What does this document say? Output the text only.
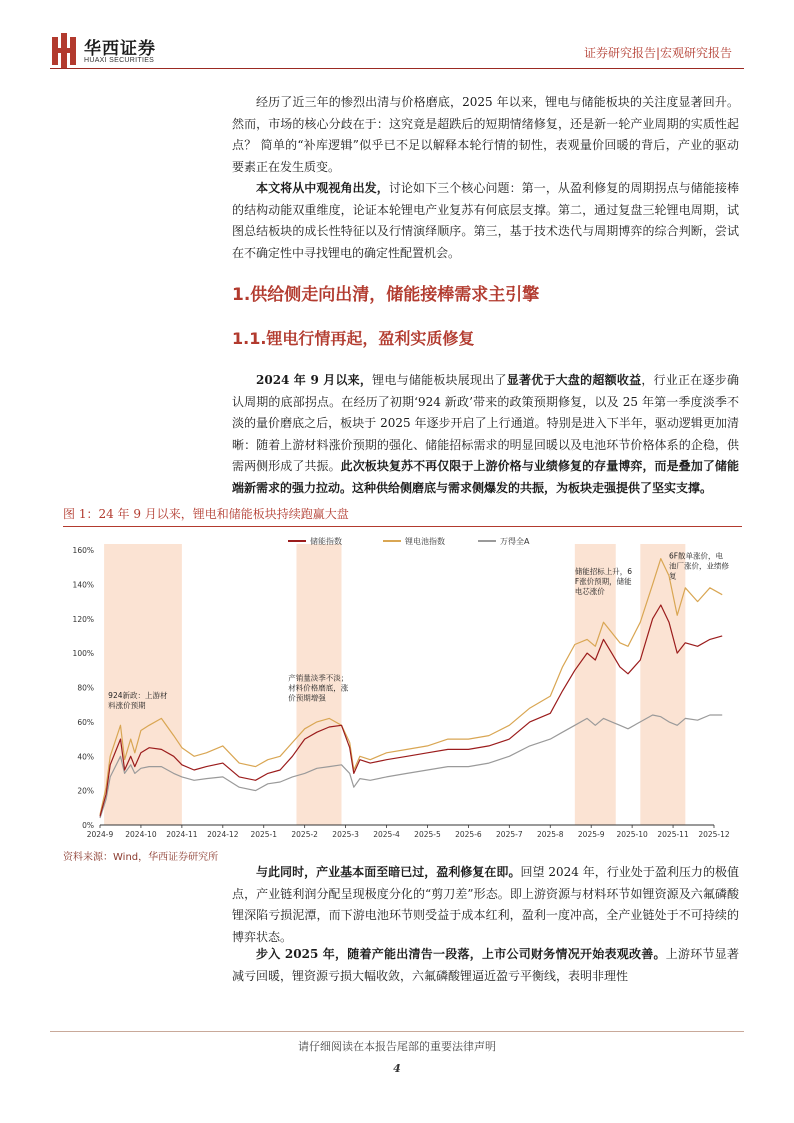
华西证券
HUAXI SECURITIES
证券研究报告|宏观研究报告
经历了近三年的惨烈出清与价格磨底，2025 年以来，锂电与储能板块的关注度显著回升。然而，市场的核心分歧在于：这究竟是超跌后的短期情绪修复，还是新一轮产业周期的实质性起点？ 简单的“补库逻辑”似乎已不足以解释本轮行情的韧性，表观量价回暖的背后，产业的驱动要素正在发生质变。
本文将从中观视角出发，讨论如下三个核心问题：第一，从盈利修复的周期拐点与储能接棒的结构动能双重维度，论证本轮锂电产业复苏有何底层支撑。第二，通过复盘三轮锂电周期，试图总结板块的成长性特征以及行情演绎顺序。第三，基于技术迭代与周期博弈的综合判断，尝试在不确定性中寻找锂电的确定性配置机会。
1.供给侧走向出清，储能接棒需求主引擎
1.1.锂电行情再起，盈利实质修复
2024 年 9 月以来，锂电与储能板块展现出了显著优于大盘的超额收益，行业正在逐步确认周期的底部拐点。在经历了初期‘924 新政’带来的政策预期修复，以及 25 年第一季度淡季不淡的量价磨底之后，板块于 2025 年逐步开启了上行通道。特别是进入下半年，驱动逻辑更加清晰：随着上游材料涨价预期的强化、储能招标需求的明显回暖以及电池环节价格体系的企稳，供需两侧形成了共振。此次板块复苏不再仅限于上游价格与业绩修复的存量博弈，而是叠加了储能端新需求的强力拉动。这种供给侧磨底与需求侧爆发的共振，为板块走强提供了坚实支撑。
图 1：24 年 9 月以来，锂电和储能板块持续跑赢大盘
0%
20%
40%
60%
80%
100%
120%
140%
160%
2024-9 2024-10 2024-11 2024-12 2025-1 2025-2 2025-3 2025-4 2025-5 2025-6 2025-7 2025-8 2025-9 2025-10 2025-11 2025-12
储能指数	锂电池指数	万得全A
924新政：上游材料涨价预期
产销量淡季不淡；材料价格磨底，涨价预期增强
储能招标上升，6 F涨价预期，储能电芯涨价
6F散单涨价，电池厂涨价，业绩修复
资料来源：Wind，华西证券研究所
与此同时，产业基本面至暗已过，盈利修复在即。回望 2024 年，行业处于盈利压力的极值点，产业链利润分配呈现极度分化的“剪刀差”形态。即上游资源与材料环节如锂资源及六氟磷酸锂深陷亏损泥潭，而下游电池环节则受益于成本红利，盈利一度冲高，全产业链处于不可持续的博弈状态。
步入 2025 年，随着产能出清告一段落，上市公司财务情况开始表观改善。上游环节显著减亏回暖，锂资源亏损大幅收敛，六氟磷酸锂逼近盈亏平衡线，表明非理性
请仔细阅读在本报告尾部的重要法律声明
4
